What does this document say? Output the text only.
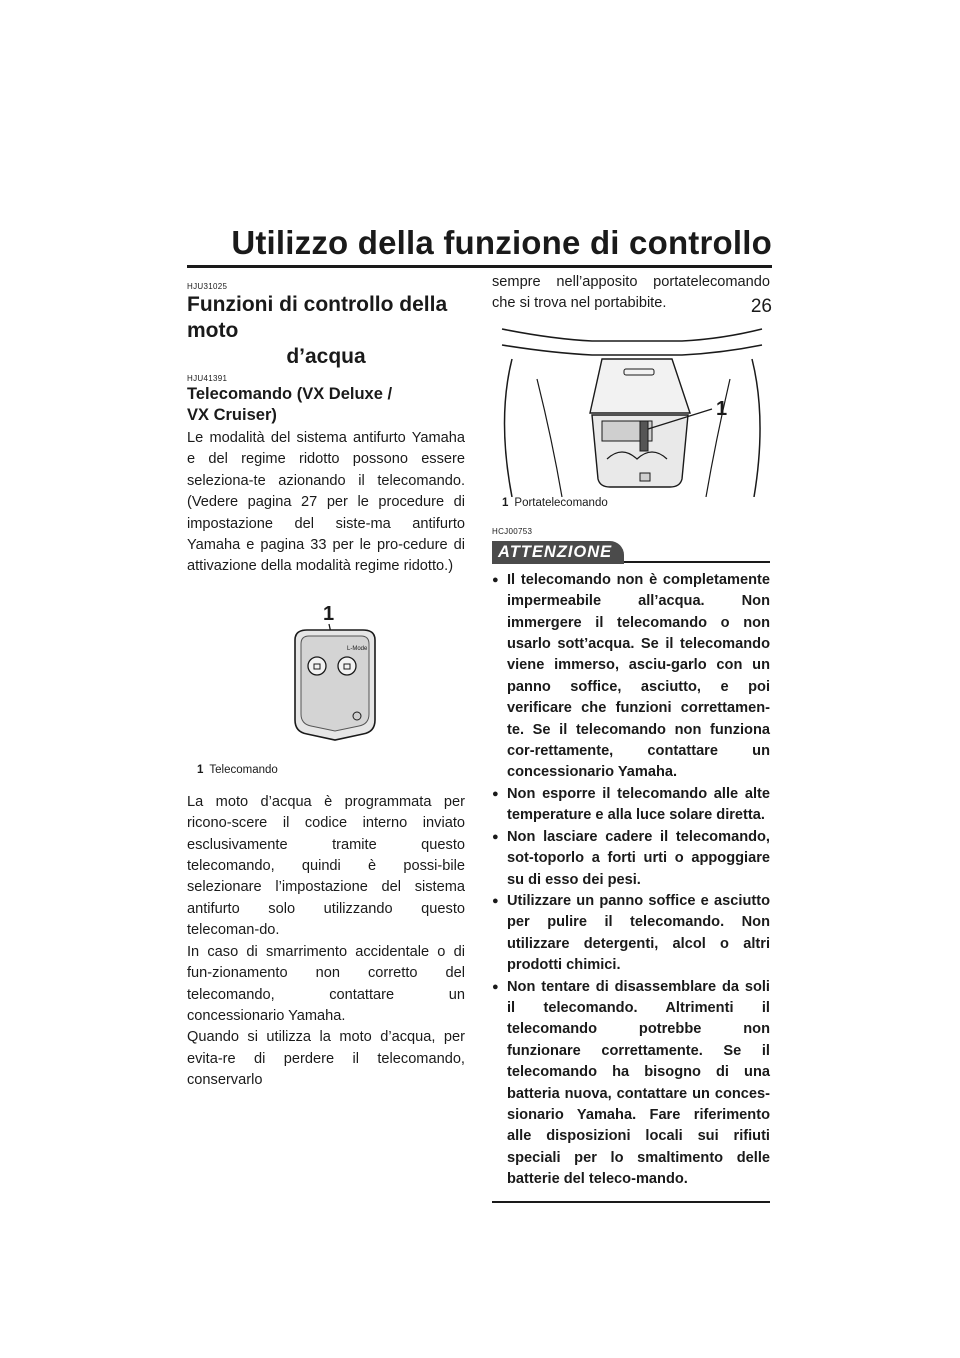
Utilizzo della funzione di controllo
26

HJU31025

Funzioni di controllo della moto
d’acqua

HJU41391

Telecomando (VX Deluxe /
VX Cruiser)

Le modalità del sistema antifurto Yamaha e del regime ridotto possono essere seleziona-te azionando il telecomando. (Vedere pagina 27 per le procedure di impostazione del siste-ma antifurto Yamaha e pagina 33 per le pro-cedure di attivazione della modalità regime ridotto.)

1
L-Mode

1 Telecomando

La moto d’acqua è programmata per ricono-scere il codice interno inviato esclusivamente tramite questo telecomando, quindi è possi-bile selezionare l’impostazione del sistema antifurto solo utilizzando questo telecoman-do.

In caso di smarrimento accidentale o di fun-zionamento non corretto del telecomando, contattare un concessionario Yamaha.

Quando si utilizza la moto d’acqua, per evita-re di perdere il telecomando, conservarlo

sempre nell’apposito portatelecomando che si trova nel portabibite.

1

1 Portatelecomando

HCJ00753

ATTENZIONE
● Il telecomando non è completamente impermeabile all’acqua. Non immergere il telecomando o non usarlo sott’acqua. Se il telecomando viene immerso, asciu-garlo con un panno soffice, asciutto, e poi verificare che funzioni correttamen-te. Se il telecomando non funziona cor-rettamente, contattare un concessionario Yamaha.
● Non esporre il telecomando alle alte temperature e alla luce solare diretta.
● Non lasciare cadere il telecomando, sot-toporlo a forti urti o appoggiare su di esso dei pesi.
● Utilizzare un panno soffice e asciutto per pulire il telecomando. Non utilizzare detergenti, alcol o altri prodotti chimici.
● Non tentare di disassemblare da soli il telecomando. Altrimenti il telecomando potrebbe non funzionare correttamente. Se il telecomando ha bisogno di una batteria nuova, contattare un conces-sionario Yamaha. Fare riferimento alle disposizioni locali sui rifiuti speciali per lo smaltimento delle batterie del teleco-mando.
